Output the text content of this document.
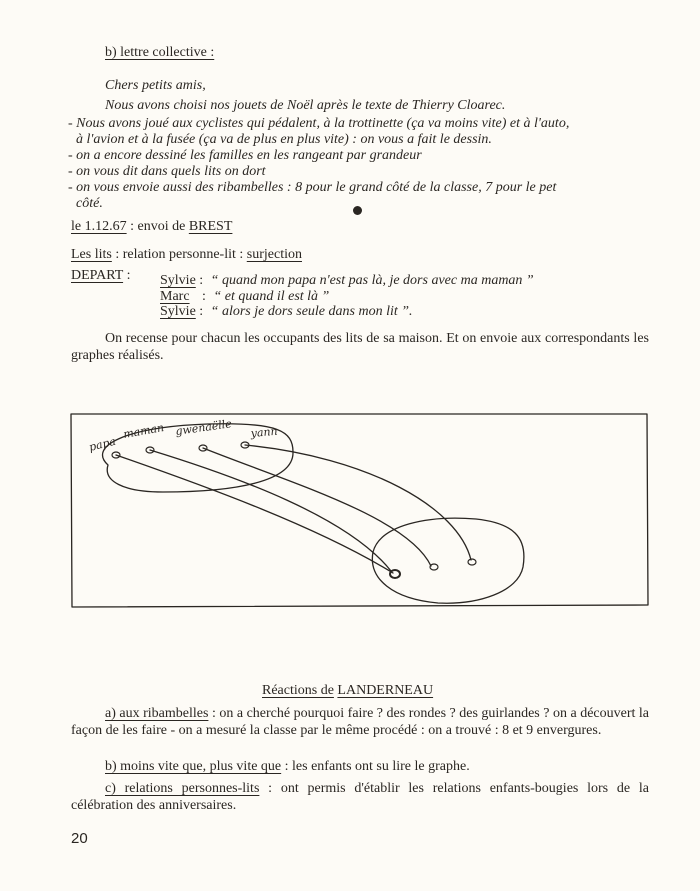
b) lettre collective :
Chers petits amis,
Nous avons choisi nos jouets de Noël après le texte de Thierry Cloarec.
- Nous avons joué aux cyclistes qui pédalent, à la trottinette (ça va moins vite) et à l'auto,
à l'avion et à la fusée (ça va de plus en plus vite) : on vous a fait le dessin.
- on a encore dessiné les familles en les rangeant par grandeur
- on vous dit dans quels lits on dort
- on vous envoie aussi des ribambelles : 8 pour le grand côté de la classe, 7 pour le pet
côté.
le 1.12.67 : envoi de BREST
Les lits : relation personne-lit : surjection
DEPART : Sylvie : “ quand mon papa n'est pas là, je dors avec ma maman ”
Marc : “ et quand il est là ”
Sylvie : “ alors je dors seule dans mon lit ”.
On recense pour chacun les occupants des lits de sa maison. Et on envoie aux correspondants les graphes réalisés.
papa
maman gwenaëlle yann
Réactions de LANDERNEAU
a) aux ribambelles : on a cherché pourquoi faire ? des rondes ? des guirlandes ? on a découvert la façon de les faire - on a mesuré la classe par le même procédé : on a trouvé : 8 et 9 envergures.
b) moins vite que, plus vite que : les enfants ont su lire le graphe.
c) relations personnes-lits : ont permis d'établir les relations enfants-bougies lors de la célébration des anniversaires.
20
